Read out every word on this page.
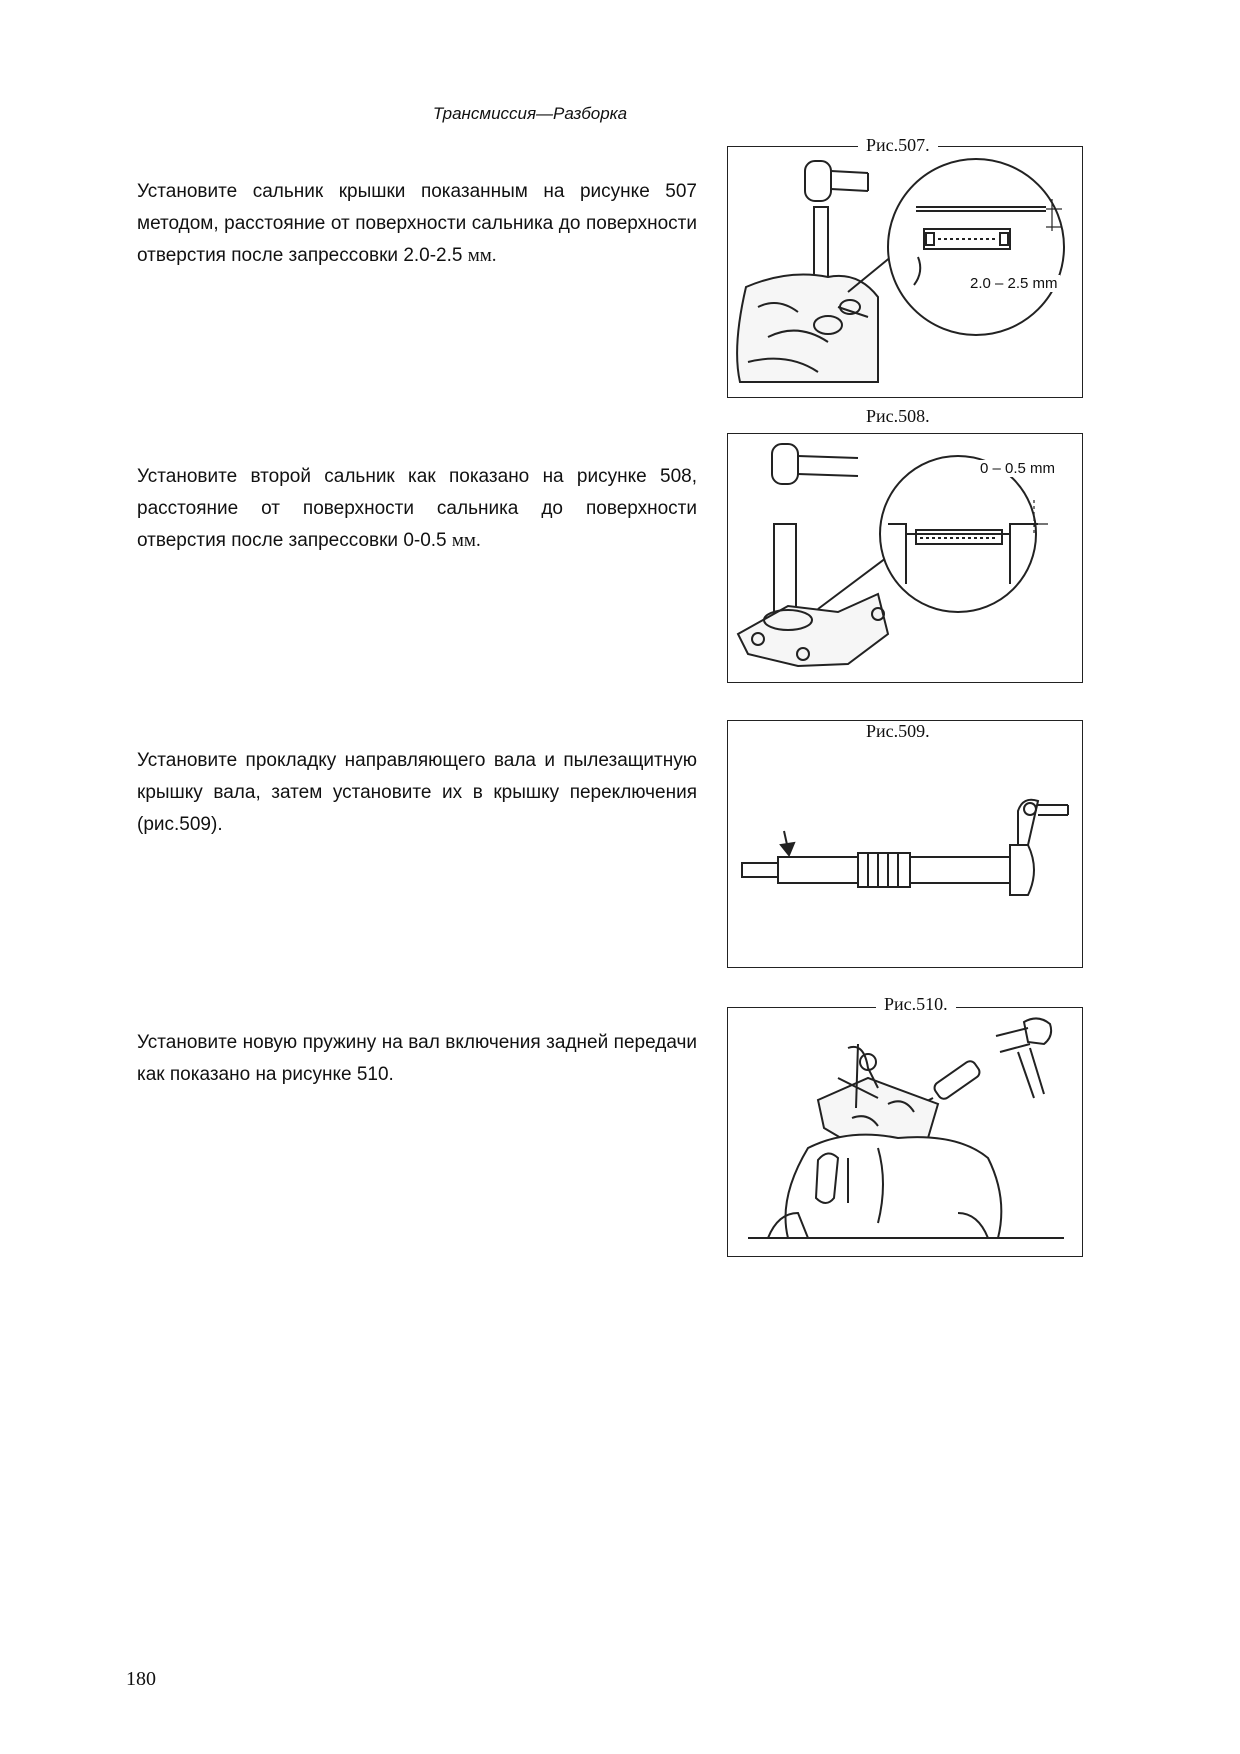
Трансмиссия—Разборка

Установите сальник крышки показанным на рисунке 507 методом, расстояние от поверхности сальника до поверхности отверстия после запрессовки 2.0-2.5 мм.

Рис.507.
2.0 – 2.5 mm

Установите второй сальник как показано на рисунке 508, расстояние от поверхности сальника до поверхности отверстия после запрессовки 0-0.5 мм.

Рис.508.
0 – 0.5 mm

Установите прокладку направляющего вала и пылезащитную крышку вала, затем установите их в крышку переключения (рис.509).

Рис.509.

Установите новую пружину на вал включения задней передачи как показано на рисунке 510.

Рис.510.
180
